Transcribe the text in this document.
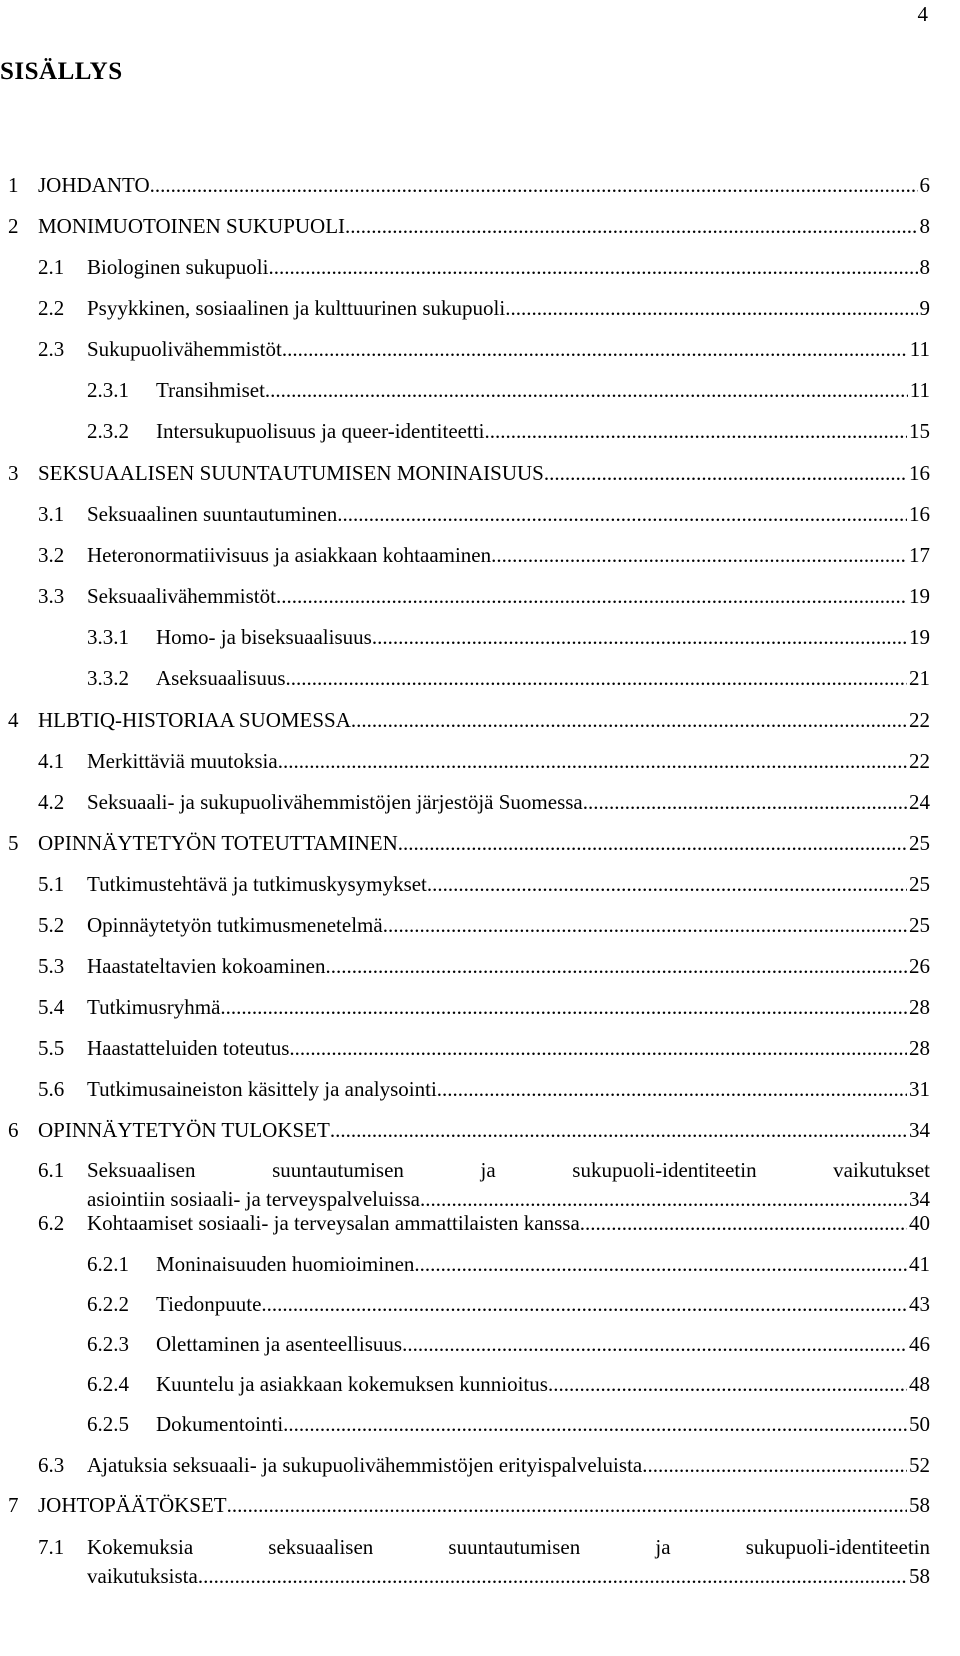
4
SISÄLLYS
1 JOHDANTO .....	6
2 MONIMUOTOINEN SUKUPUOLI .....	8
2.1 Biologinen sukupuoli .....	8
2.2 Psyykkinen, sosiaalinen ja kulttuurinen sukupuoli .....	9
2.3 Sukupuolivähemmistöt .....	11
2.3.1 Transihmiset .....	11
2.3.2 Intersukupuolisuus ja queer-identiteetti .....	15
3 SEKSUAALISEN SUUNTAUTUMISEN MONINAISUUS .....	16
3.1 Seksuaalinen suuntautuminen .....	16
3.2 Heteronormatiivisuus ja asiakkaan kohtaaminen .....	17
3.3 Seksuaalivähemmistöt .....	19
3.3.1 Homo- ja biseksuaalisuus .....	19
3.3.2 Aseksuaalisuus .....	21
4 HLBTIQ-HISTORIAA SUOMESSA .....	22
4.1 Merkittäviä muutoksia .....	22
4.2 Seksuaali- ja sukupuolivähemmistöjen järjestöjä Suomessa .....	24
5 OPINNÄYTETYÖN TOTEUTTAMINEN .....	25
5.1 Tutkimustehtävä ja tutkimuskysymykset .....	25
5.2 Opinnäytetyön tutkimusmenetelmä .....	25
5.3 Haastateltavien kokoaminen .....	26
5.4 Tutkimusryhmä .....	28
5.5 Haastatteluiden toteutus .....	28
5.6 Tutkimusaineiston käsittely ja analysointi .....	31
6 OPINNÄYTETYÖN TULOKSET .....	34
6.1 Seksuaalisen suuntautumisen ja sukupuoli-identiteetin vaikutukset
asiointiin sosiaali- ja terveyspalveluissa .....	34
6.2 Kohtaamiset sosiaali- ja terveysalan ammattilaisten kanssa .....	40
6.2.1 Moninaisuuden huomioiminen .....	41
6.2.2 Tiedonpuute .....	43
6.2.3 Olettaminen ja asenteellisuus .....	46
6.2.4 Kuuntelu ja asiakkaan kokemuksen kunnioitus .....	48
6.2.5 Dokumentointi .....	50
6.3 Ajatuksia seksuaali- ja sukupuolivähemmistöjen erityispalveluista .....	52
7 JOHTOPÄÄTÖKSET .....	58
7.1 Kokemuksia seksuaalisen suuntautumisen ja sukupuoli-identiteetin
vaikutuksista .....	58
